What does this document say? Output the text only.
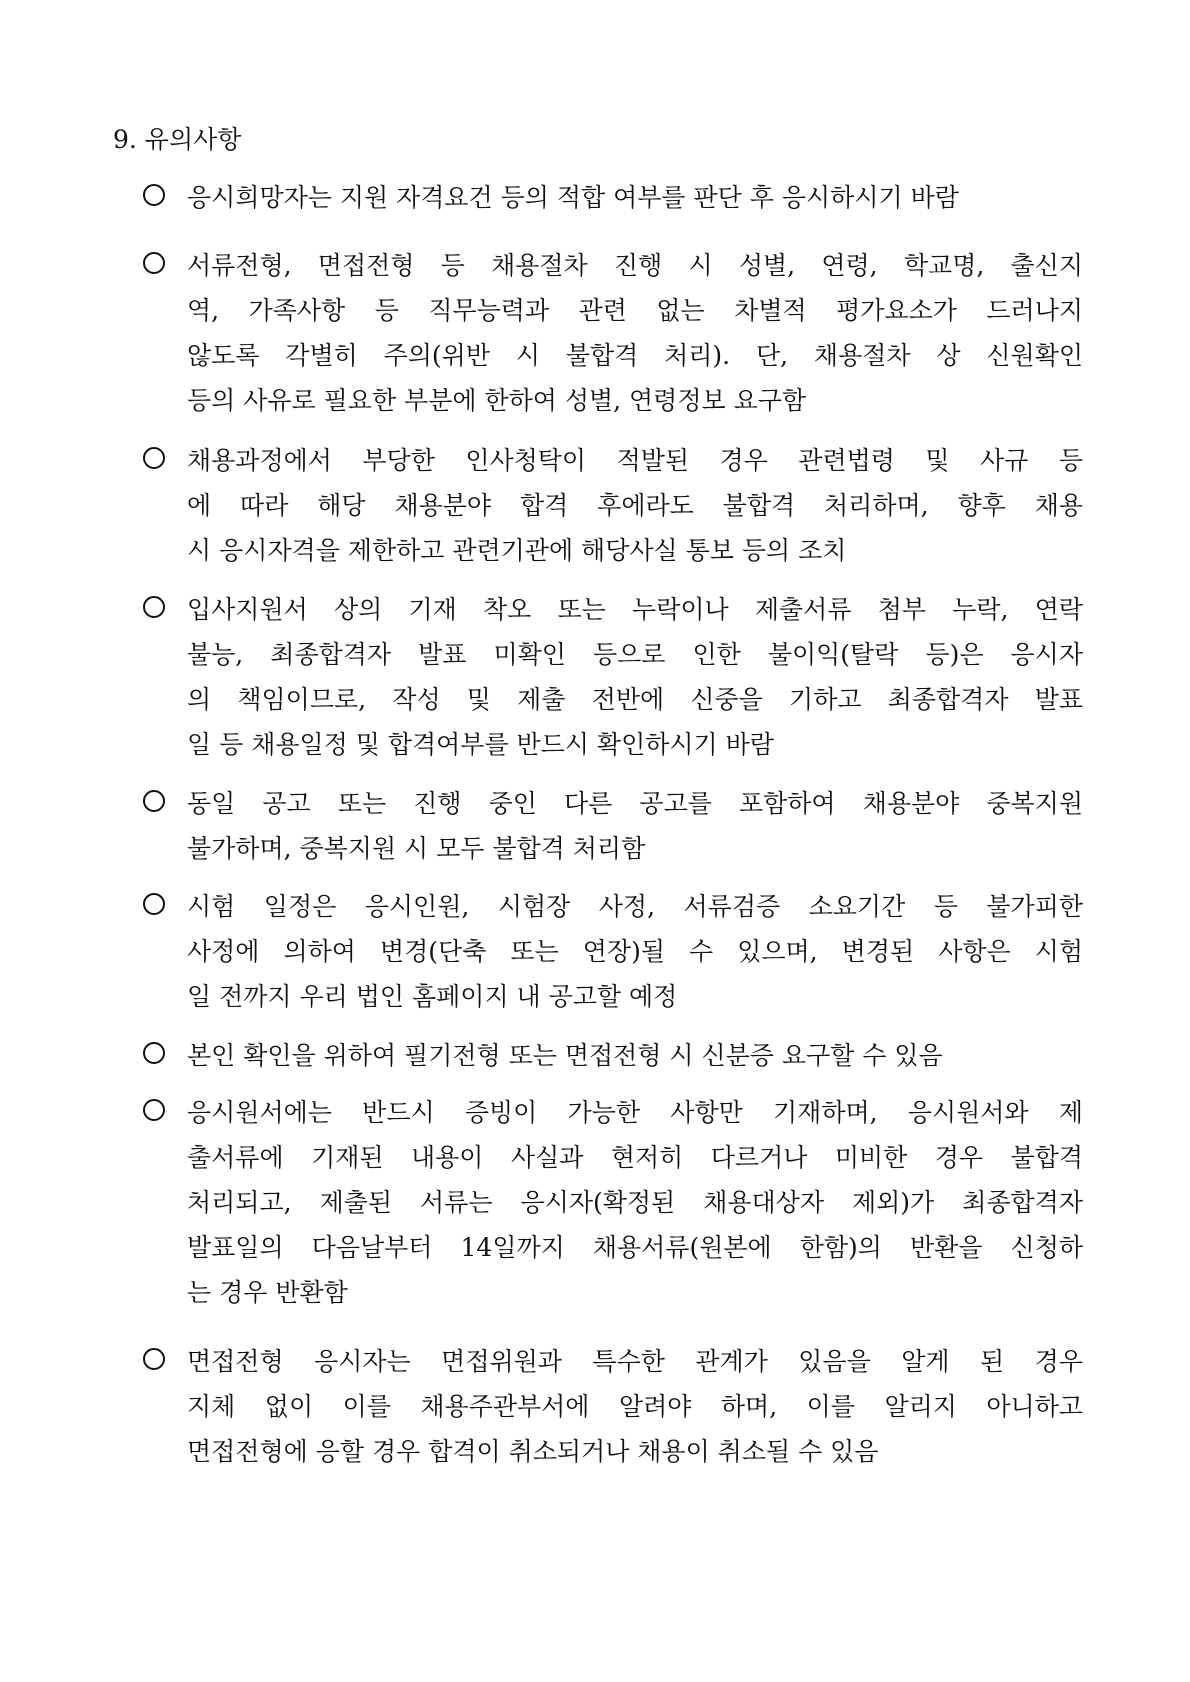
9. 유의사항
응시희망자는 지원 자격요건 등의 적합 여부를 판단 후 응시하시기 바람
서류전형, 면접전형 등 채용절차 진행 시 성별, 연령, 학교명, 출신지
역, 가족사항 등 직무능력과 관련 없는 차별적 평가요소가 드러나지
않도록 각별히 주의(위반 시 불합격 처리). 단, 채용절차 상 신원확인
등의 사유로 필요한 부분에 한하여 성별, 연령정보 요구함
채용과정에서 부당한 인사청탁이 적발된 경우 관련법령 및 사규 등
에 따라 해당 채용분야 합격 후에라도 불합격 처리하며, 향후 채용
시 응시자격을 제한하고 관련기관에 해당사실 통보 등의 조치
입사지원서 상의 기재 착오 또는 누락이나 제출서류 첨부 누락, 연락
불능, 최종합격자 발표 미확인 등으로 인한 불이익(탈락 등)은 응시자
의 책임이므로, 작성 및 제출 전반에 신중을 기하고 최종합격자 발표
일 등 채용일정 및 합격여부를 반드시 확인하시기 바람
동일 공고 또는 진행 중인 다른 공고를 포함하여 채용분야 중복지원
불가하며, 중복지원 시 모두 불합격 처리함
시험 일정은 응시인원, 시험장 사정, 서류검증 소요기간 등 불가피한
사정에 의하여 변경(단축 또는 연장)될 수 있으며, 변경된 사항은 시험
일 전까지 우리 법인 홈페이지 내 공고할 예정
본인 확인을 위하여 필기전형 또는 면접전형 시 신분증 요구할 수 있음
응시원서에는 반드시 증빙이 가능한 사항만 기재하며, 응시원서와 제
출서류에 기재된 내용이 사실과 현저히 다르거나 미비한 경우 불합격
처리되고, 제출된 서류는 응시자(확정된 채용대상자 제외)가 최종합격자
발표일의 다음날부터 14일까지 채용서류(원본에 한함)의 반환을 신청하
는 경우 반환함
면접전형 응시자는 면접위원과 특수한 관계가 있음을 알게 된 경우
지체 없이 이를 채용주관부서에 알려야 하며, 이를 알리지 아니하고
면접전형에 응할 경우 합격이 취소되거나 채용이 취소될 수 있음
